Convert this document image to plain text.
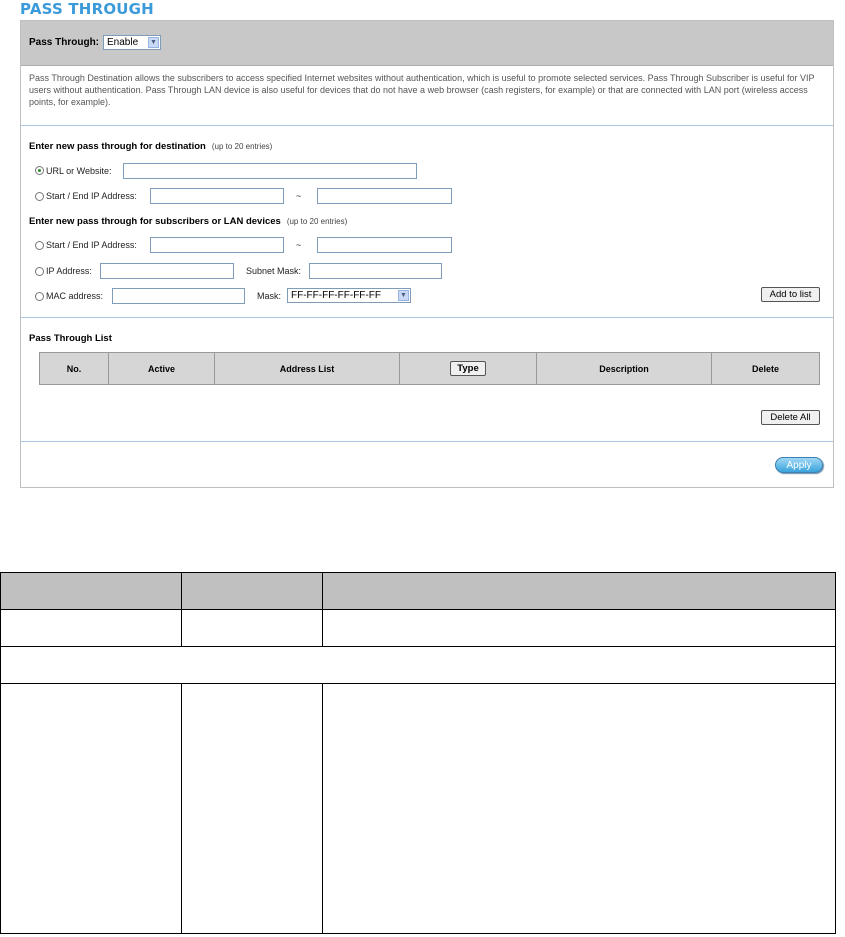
PASS THROUGH
Pass Through: Enable ▼
Pass Through Destination allows the subscribers to access specified Internet websites without authentication, which is useful to promote selected services. Pass Through Subscriber is useful for VIP users without authentication. Pass Through LAN device is also useful for devices that do not have a web browser (cash registers, for example) or that are connected with LAN port (wireless access points, for example).
Enter new pass through for destination (up to 20 entries)
URL or Website:
Start / End IP Address:	~
Enter new pass through for subscribers or LAN devices (up to 20 entries)
Start / End IP Address:	~
IP Address:	Subnet Mask:
MAC address:	Mask: FF-FF-FF-FF-FF-FF	▼	Add to list
Pass Through List
No.	Active	Address List	Type	Description	Delete
Delete All
Apply
